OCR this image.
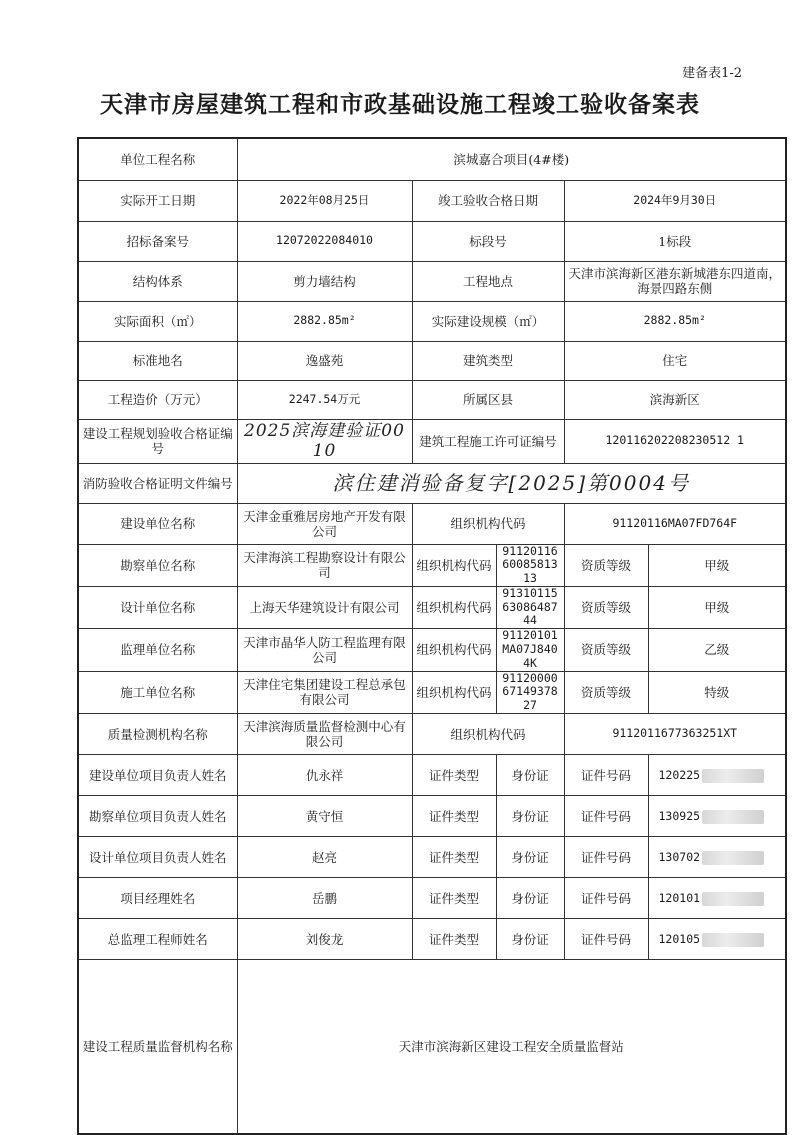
建备表1-2
天津市房屋建筑工程和市政基础设施工程竣工验收备案表
单位工程名称	滨城嘉合项目(4#楼)				
实际开工日期	2022年08月25日	竣工验收合格日期		2024年9月30日	
招标备案号	12072022084010	标段号		1标段	
结构体系	剪力墙结构	工程地点		天津市滨海新区港东新城港东四道南，海景四路东侧	
实际面积（㎡）	2882.85m²	实际建设规模（㎡）		2882.85m²	
标准地名	逸盛苑	建筑类型		住宅	
工程造价（万元）	2247.54万元	所属区县		滨海新区	
建设工程规划验收合格证编号	2025滨海建验证0010	建筑工程施工许可证编号		120116202208230512 1	
消防验收合格证明文件编号	滨住建消验备复字[2025]第0004号				
建设单位名称	天津金重雅居房地产开发有限公司	组织机构代码		91120116MA07FD764F	
勘察单位名称	天津海滨工程勘察设计有限公司	组织机构代码	911201166008581313	资质等级	甲级
设计单位名称	上海天华建筑设计有限公司	组织机构代码	913101156308648744	资质等级	甲级
监理单位名称	天津市晶华人防工程监理有限公司	组织机构代码	91120101MA07J8404K	资质等级	乙级
施工单位名称	天津住宅集团建设工程总承包有限公司	组织机构代码	911200006714937827	资质等级	特级
质量检测机构名称	天津滨海质量监督检测中心有限公司	组织机构代码		9112011677363251XT	
建设单位项目负责人姓名	仇永祥	证件类型	身份证	证件号码	120225
勘察单位项目负责人姓名	黄守恒	证件类型	身份证	证件号码	130925
设计单位项目负责人姓名	赵亮	证件类型	身份证	证件号码	130702
项目经理姓名	岳鹏	证件类型	身份证	证件号码	120101
总监理工程师姓名	刘俊龙	证件类型	身份证	证件号码	120105
建设工程质量监督机构名称	天津市滨海新区建设工程安全质量监督站				
